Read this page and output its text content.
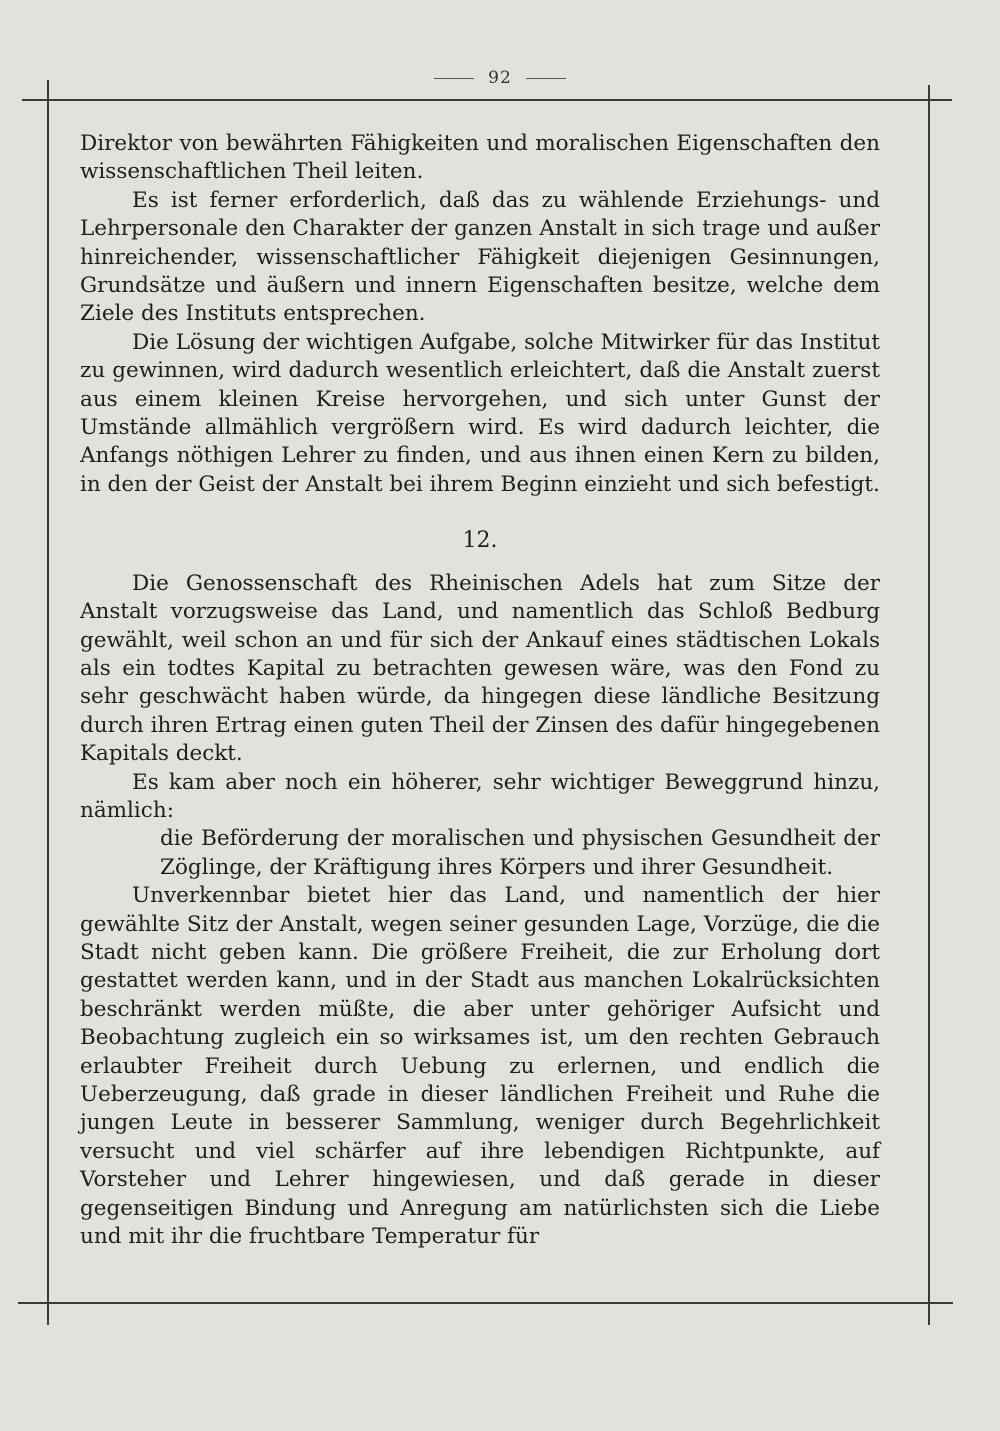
92

Direktor von bewährten Fähigkeiten und moralischen Eigenschaften den wissenschaftlichen Theil leiten.

Es ist ferner erforderlich, daß das zu wählende Erziehungs- und Lehrpersonale den Charakter der ganzen Anstalt in sich trage und außer hinreichender, wissenschaftlicher Fähigkeit diejenigen Gesinnungen, Grundsätze und äußern und innern Eigenschaften besitze, welche dem Ziele des Instituts entsprechen.

Die Lösung der wichtigen Aufgabe, solche Mitwirker für das Institut zu gewinnen, wird dadurch wesentlich erleichtert, daß die Anstalt zuerst aus einem kleinen Kreise hervorgehen, und sich unter Gunst der Umstände allmählich vergrößern wird. Es wird dadurch leichter, die Anfangs nöthigen Lehrer zu finden, und aus ihnen einen Kern zu bilden, in den der Geist der Anstalt bei ihrem Beginn einzieht und sich befestigt.

12.

Die Genossenschaft des Rheinischen Adels hat zum Sitze der Anstalt vorzugsweise das Land, und namentlich das Schloß Bedburg gewählt, weil schon an und für sich der Ankauf eines städtischen Lokals als ein todtes Kapital zu betrachten gewesen wäre, was den Fond zu sehr geschwächt haben würde, da hingegen diese ländliche Besitzung durch ihren Ertrag einen guten Theil der Zinsen des dafür hingegebenen Kapitals deckt.

Es kam aber noch ein höherer, sehr wichtiger Beweggrund hinzu, nämlich:

die Beförderung der moralischen und physischen Gesundheit der Zöglinge, der Kräftigung ihres Körpers und ihrer Gesundheit.

Unverkennbar bietet hier das Land, und namentlich der hier gewählte Sitz der Anstalt, wegen seiner gesunden Lage, Vorzüge, die die Stadt nicht geben kann. Die größere Freiheit, die zur Erholung dort gestattet werden kann, und in der Stadt aus manchen Lokalrücksichten beschränkt werden müßte, die aber unter gehöriger Aufsicht und Beobachtung zugleich ein so wirksames ist, um den rechten Gebrauch erlaubter Freiheit durch Uebung zu erlernen, und endlich die Ueberzeugung, daß grade in dieser ländlichen Freiheit und Ruhe die jungen Leute in besserer Sammlung, weniger durch Begehrlichkeit versucht und viel schärfer auf ihre lebendigen Richtpunkte, auf Vorsteher und Lehrer hingewiesen, und daß gerade in dieser gegenseitigen Bindung und Anregung am natürlichsten sich die Liebe und mit ihr die fruchtbare Temperatur für
